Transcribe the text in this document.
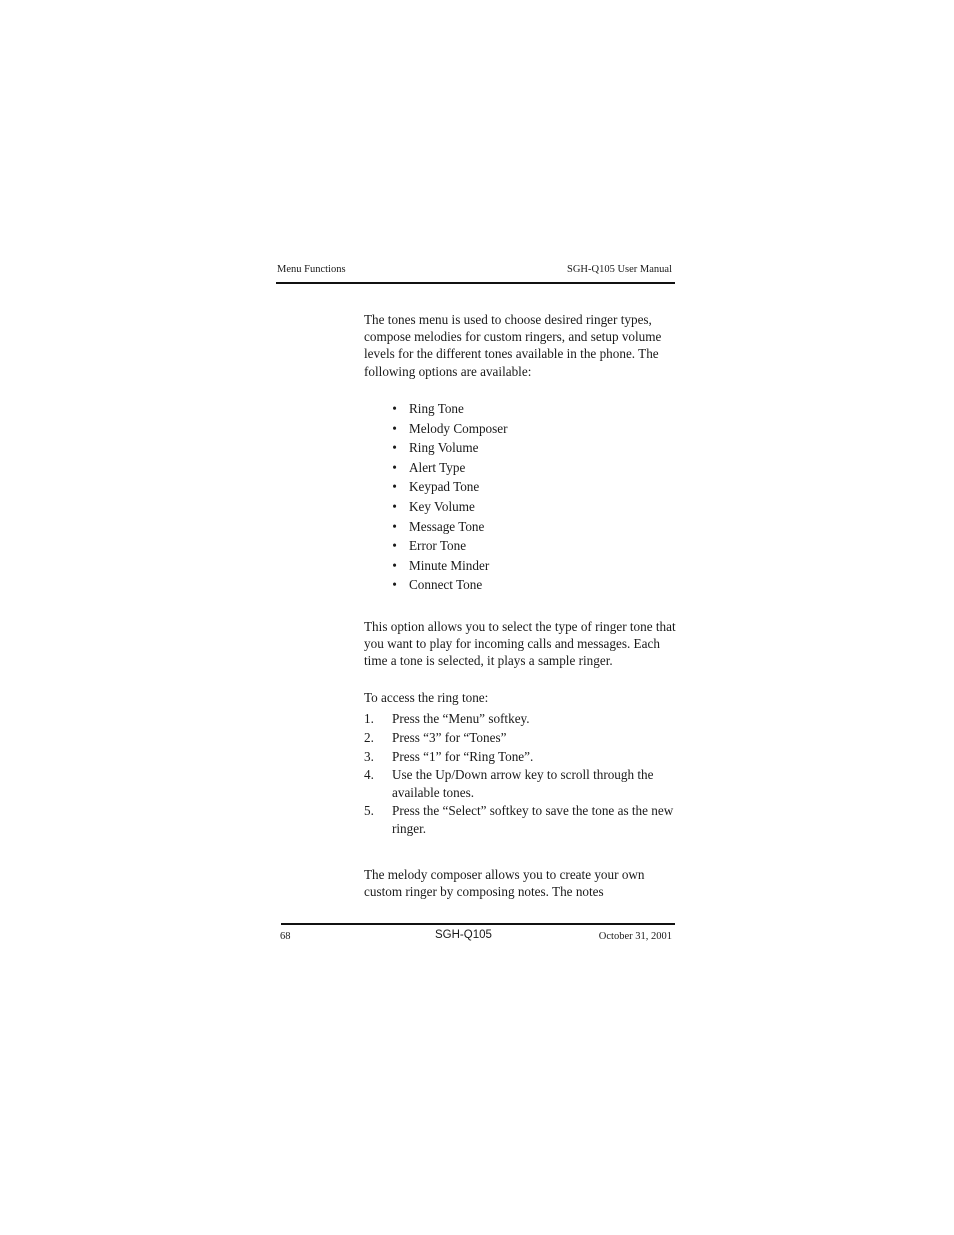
Menu Functions	SGH-Q105 User Manual
The tones menu is used to choose desired ringer types, compose melodies for custom ringers, and setup volume levels for the different tones available in the phone. The following options are available:
• Ring Tone
• Melody Composer
• Ring Volume
• Alert Type
• Keypad Tone
• Key Volume
• Message Tone
• Error Tone
• Minute Minder
• Connect Tone
This option allows you to select the type of ringer tone that you want to play for incoming calls and messages. Each time a tone is selected, it plays a sample ringer.
To access the ring tone:
1. Press the “Menu” softkey.
2. Press “3” for “Tones”
3. Press “1” for “Ring Tone”.
4. Use the Up/Down arrow key to scroll through the available tones.
5. Press the “Select” softkey to save the tone as the new ringer.
The melody composer allows you to create your own custom ringer by composing notes. The notes
68	SGH-Q105	October 31, 2001
